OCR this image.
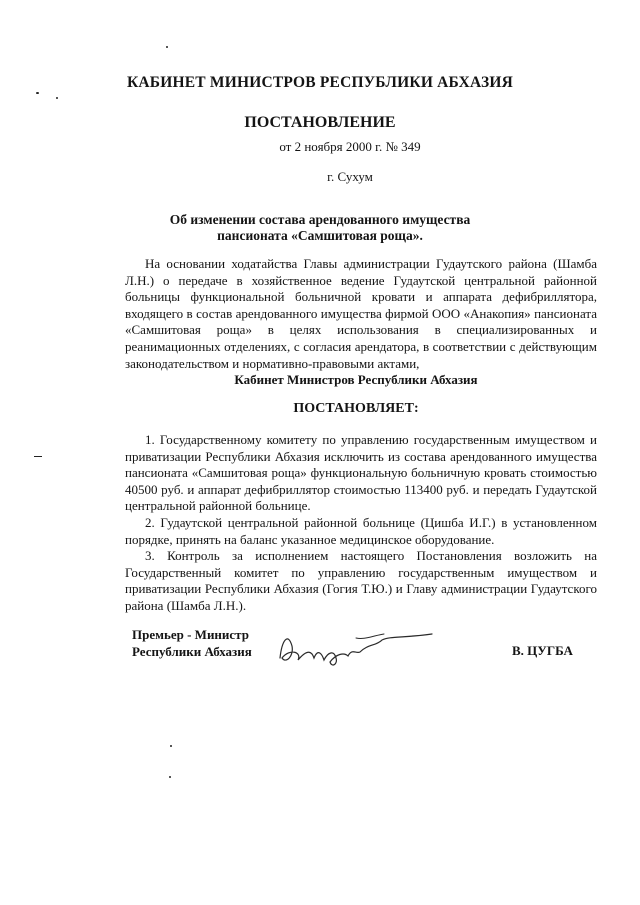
КАБИНЕТ МИНИСТРОВ РЕСПУБЛИКИ АБХАЗИЯ
ПОСТАНОВЛЕНИЕ
от 2 ноября 2000 г. № 349
г. Сухум
Об изменении состава арендованного имущества
пансионата «Самшитовая роща».
На основании ходатайства Главы администрации Гудаутского района (Шамба Л.Н.) о передаче в хозяйственное ведение Гудаутской центральной районной больницы функциональной больничной кровати и аппарата дефибриллятора, входящего в состав арендованного имущества фирмой ООО «Анакопия» пансионата «Самшитовая роща» в целях использования в специализированных и реанимационных отделениях, с согласия арендатора, в соответствии с действующим законодательством и нормативно-правовыми актами,
Кабинет Министров Республики Абхазия
ПОСТАНОВЛЯЕТ:

1. Государственному комитету по управлению государственным имуществом и приватизации Республики Абхазия исключить из состава арендованного имущества пансионата «Самшитовая роща» функциональную больничную кровать стоимостью 40500 руб. и аппарат дефибриллятор стоимостью 113400 руб. и передать Гудаутской центральной районной больнице.

2. Гудаутской центральной районной больнице (Цишба И.Г.) в установленном порядке, принять на баланс указанное медицинское оборудование.

3. Контроль за исполнением настоящего Постановления возложить на Государственный комитет по управлению государственным имуществом и приватизации Республики Абхазия (Гогия Т.Ю.) и Главу администрации Гудаутского района (Шамба Л.Н.).

Премьер - Министр
Республики Абхазия	В. ЦУГБА
